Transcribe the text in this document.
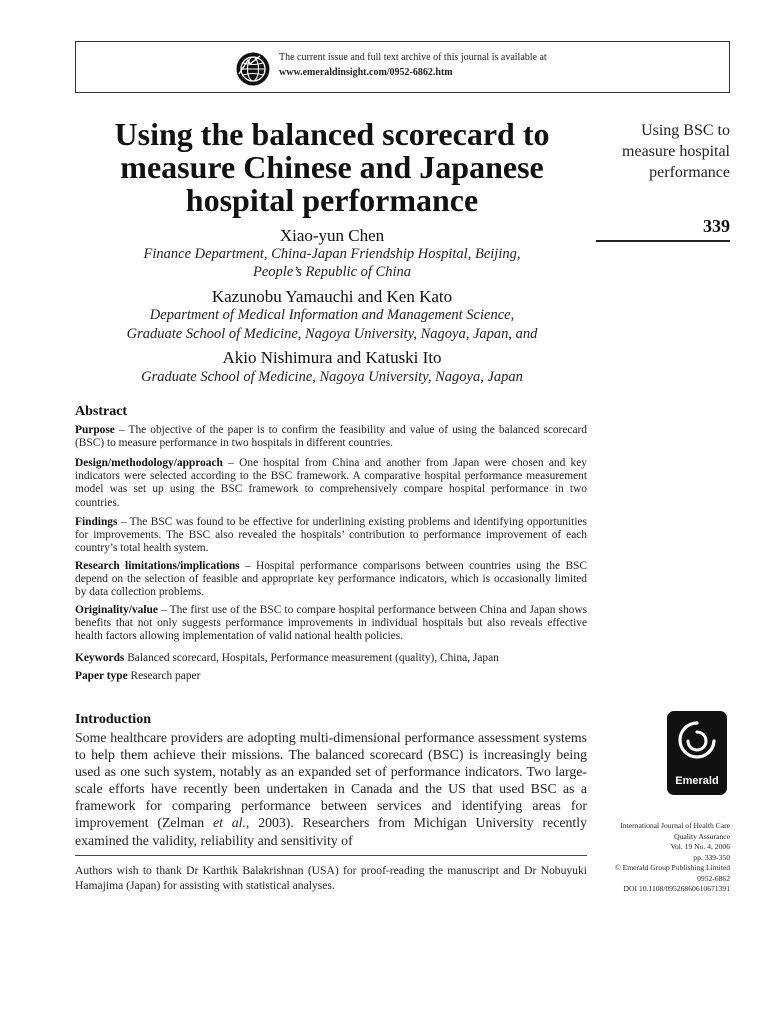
The current issue and full text archive of this journal is available at
www.emeraldinsight.com/0952-6862.htm
Using the balanced scorecard to
measure Chinese and Japanese
hospital performance
Using BSC to
measure hospital
performance
339
Xiao-yun Chen
Finance Department, China-Japan Friendship Hospital, Beijing,
People’s Republic of China
Kazunobu Yamauchi and Ken Kato
Department of Medical Information and Management Science,
Graduate School of Medicine, Nagoya University, Nagoya, Japan, and
Akio Nishimura and Katuski Ito
Graduate School of Medicine, Nagoya University, Nagoya, Japan
Abstract
Purpose – The objective of the paper is to confirm the feasibility and value of using the balanced scorecard (BSC) to measure performance in two hospitals in different countries.
Design/methodology/approach – One hospital from China and another from Japan were chosen and key indicators were selected according to the BSC framework. A comparative hospital performance measurement model was set up using the BSC framework to comprehensively compare hospital performance in two countries.
Findings – The BSC was found to be effective for underlining existing problems and identifying opportunities for improvements. The BSC also revealed the hospitals’ contribution to performance improvement of each country’s total health system.
Research limitations/implications – Hospital performance comparisons between countries using the BSC depend on the selection of feasible and appropriate key performance indicators, which is occasionally limited by data collection problems.
Originality/value – The first use of the BSC to compare hospital performance between China and Japan shows benefits that not only suggests performance improvements in individual hospitals but also reveals effective health factors allowing implementation of valid national health policies.
Keywords Balanced scorecard, Hospitals, Performance measurement (quality), China, Japan
Paper type Research paper
Introduction
Some healthcare providers are adopting multi-dimensional performance assessment systems to help them achieve their missions. The balanced scorecard (BSC) is increasingly being used as one such system, notably as an expanded set of performance indicators. Two large-scale efforts have recently been undertaken in Canada and the US that used BSC as a framework for comparing performance between services and identifying areas for improvement (Zelman et al., 2003). Researchers from Michigan University recently examined the validity, reliability and sensitivity of
Authors wish to thank Dr Karthik Balakrishnan (USA) for proof-reading the manuscript and Dr Nobuyuki Hamajima (Japan) for assisting with statistical analyses.
Emerald
International Journal of Health Care
Quality Assurance
Vol. 19 No. 4, 2006
pp. 339-350
© Emerald Group Publishing Limited
0952-6862
DOI 10.1108/09526860610671391
